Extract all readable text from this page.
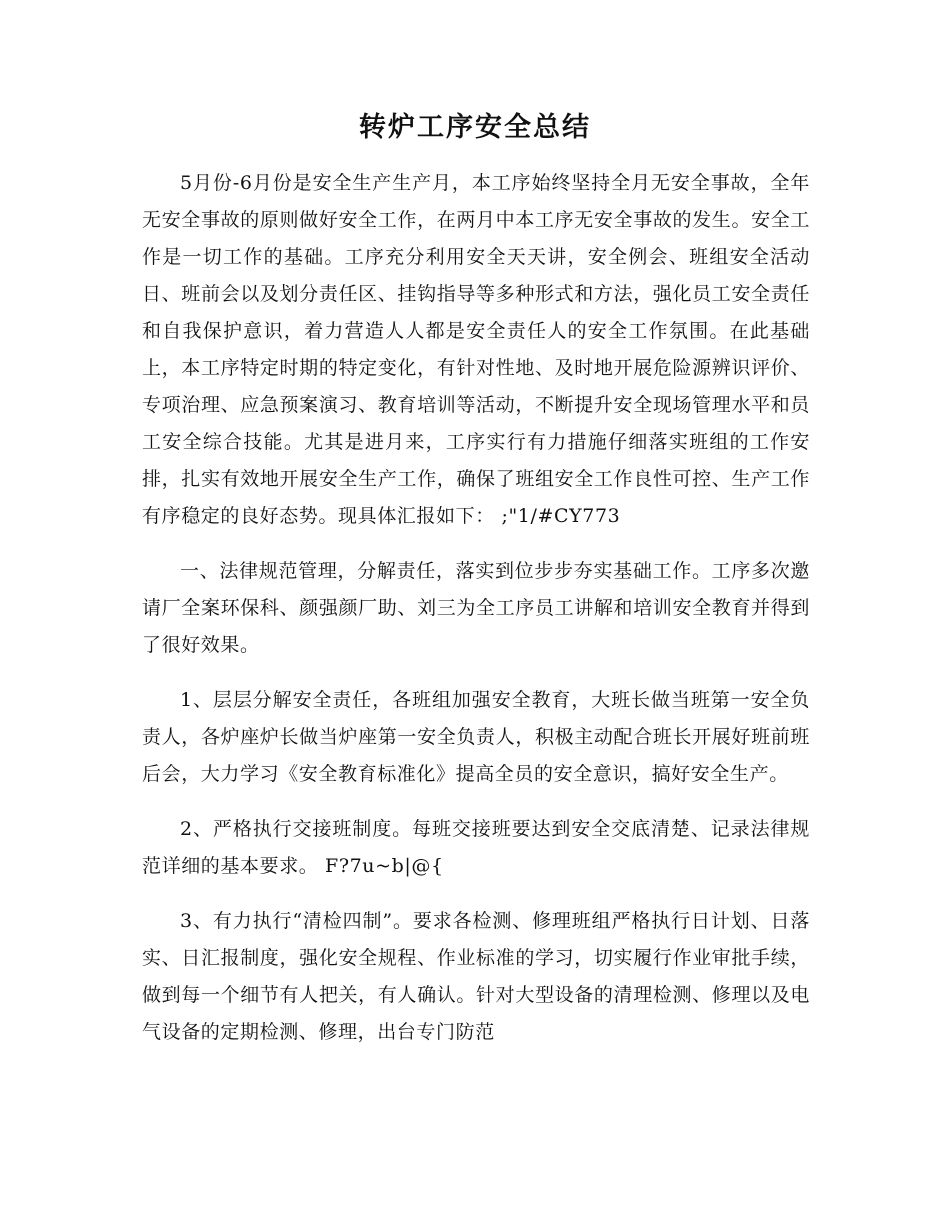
转炉工序安全总结

5月份-6月份是安全生产生产月，本工序始终坚持全月无安全事故，全年无安全事故的原则做好安全工作，在两月中本工序无安全事故的发生。安全工作是一切工作的基础。工序充分利用安全天天讲，安全例会、班组安全活动日、班前会以及划分责任区、挂钩指导等多种形式和方法，强化员工安全责任和自我保护意识，着力营造人人都是安全责任人的安全工作氛围。在此基础上，本工序特定时期的特定变化，有针对性地、及时地开展危险源辨识评价、专项治理、应急预案演习、教育培训等活动，不断提升安全现场管理水平和员工安全综合技能。尤其是进月来，工序实行有力措施仔细落实班组的工作安排，扎实有效地开展安全生产工作，确保了班组安全工作良性可控、生产工作有序稳定的良好态势。现具体汇报如下： ;"1/#CY773

一、法律规范管理，分解责任，落实到位步步夯实基础工作。工序多次邀请厂全案环保科、颜强颜厂助、刘三为全工序员工讲解和培训安全教育并得到了很好效果。

1、层层分解安全责任，各班组加强安全教育，大班长做当班第一安全负责人，各炉座炉长做当炉座第一安全负责人，积极主动配合班长开展好班前班后会，大力学习《安全教育标准化》提高全员的安全意识，搞好安全生产。

2、严格执行交接班制度。每班交接班要达到安全交底清楚、记录法律规范详细的基本要求。 F?7u~b|@{

3、有力执行“清检四制”。要求各检测、修理班组严格执行日计划、日落实、日汇报制度，强化安全规程、作业标准的学习，切实履行作业审批手续，做到每一个细节有人把关，有人确认。针对大型设备的清理检测、修理以及电气设备的定期检测、修理，出台专门防范
